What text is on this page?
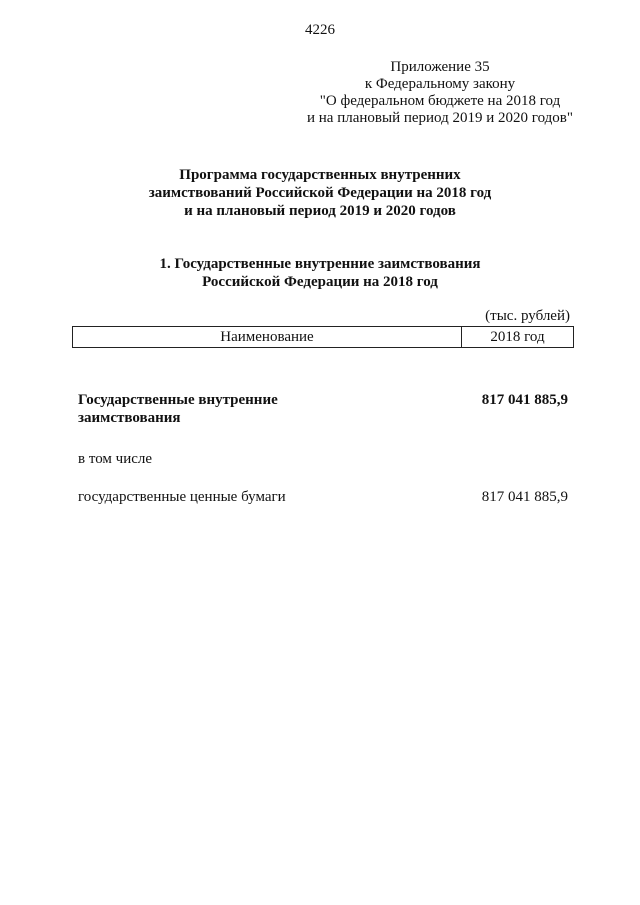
4226
Приложение 35
к Федеральному закону
"О федеральном бюджете на 2018 год
и на плановый период 2019 и 2020 годов"
Программа государственных внутренних
заимствований Российской Федерации на 2018 год
и на плановый период 2019 и 2020 годов
1. Государственные внутренние заимствования
Российской Федерации на 2018 год
(тыс. рублей)
Наименование	2018 год
Государственные внутренние заимствования
817 041 885,9
в том числе
государственные ценные бумаги	817 041 885,9
